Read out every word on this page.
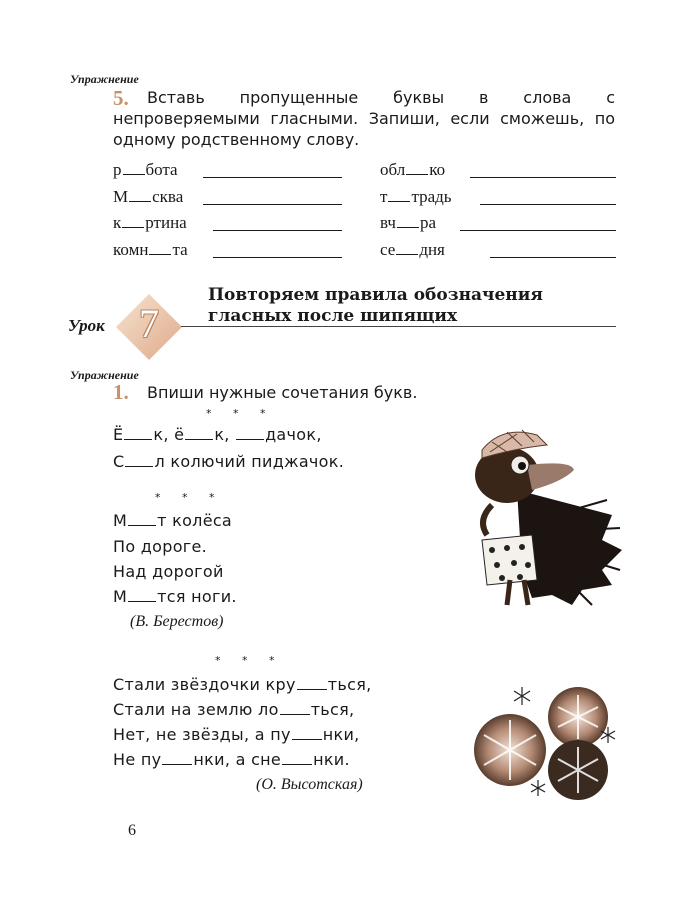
Упражнение
5.	Вставь пропущенные буквы в слова с непроверяемыми гласными. Запиши, если сможешь, по одному родственному слову.
р бота
М сква
к ртина
комн та
обл ко
т традь
вч ра
се дня
Урок 7
Повторяем правила обозначения
гласных после шипящих
Упражнение
1. Впиши нужные сочетания букв.
* * *
Ё к, ё к, дачок,
С л колючий пиджачок.
* * *
М т колёса
По дороге.
Над дорогой
М тся ноги.
(В. Берестов)
* * *
Стали звёздочки кру ться,
Стали на землю ло ться,
Нет, не звёзды, а пу нки,
Не пу нки, а сне нки.
(О. Высотская)
6
